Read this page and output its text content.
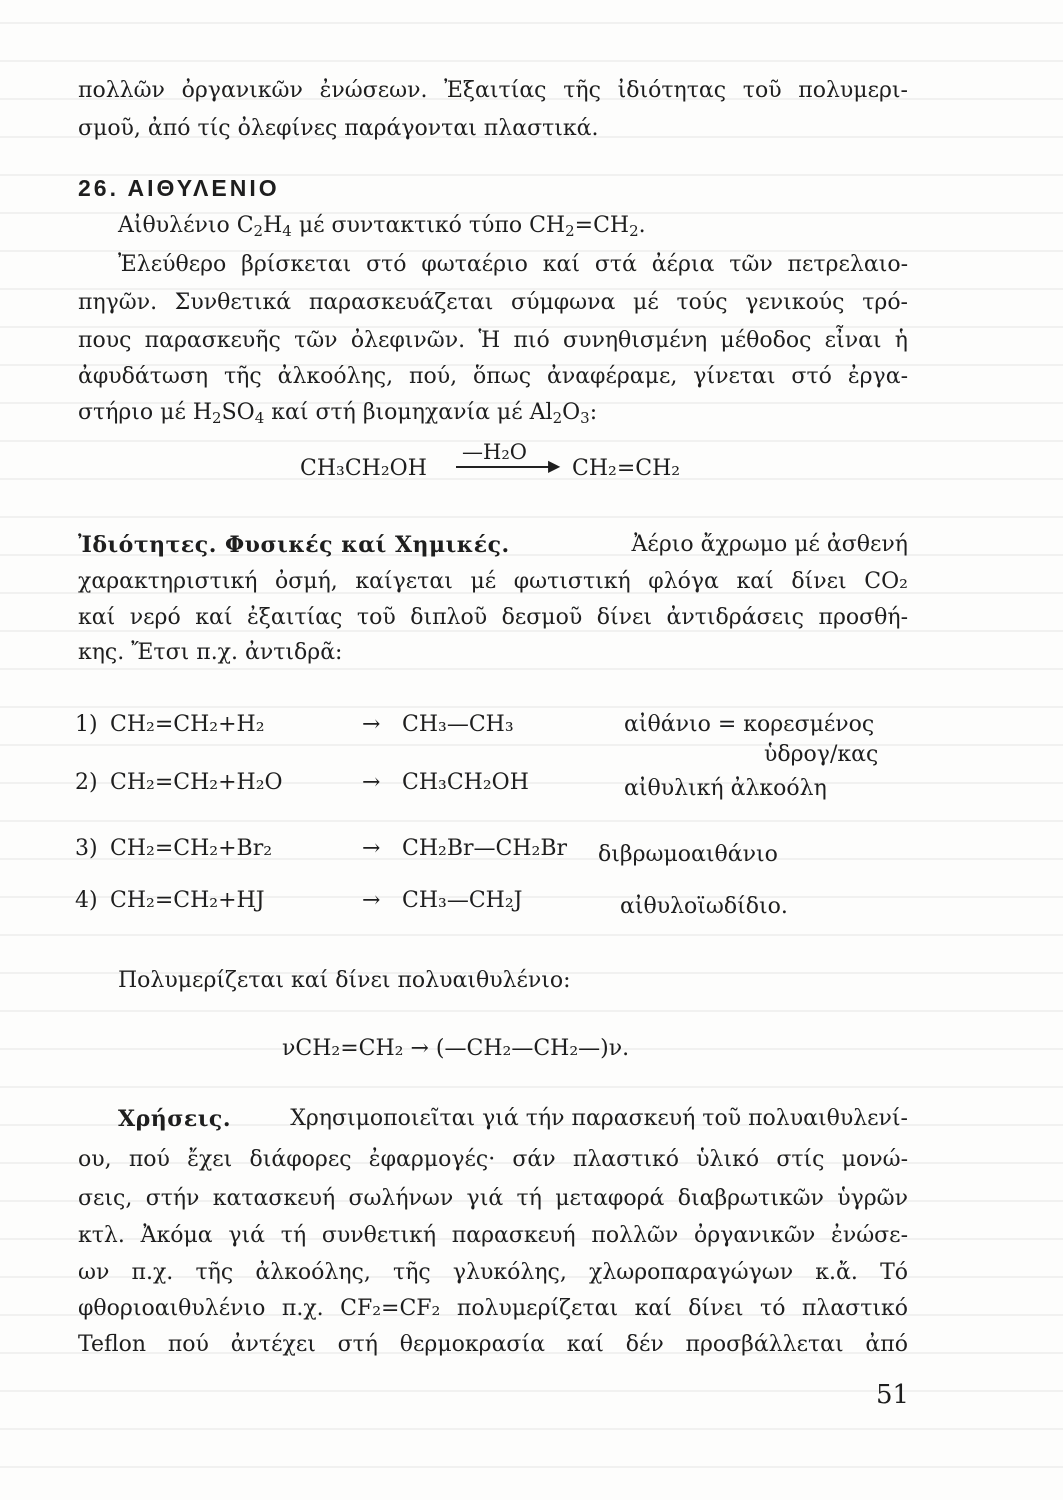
πολλῶν ὀργανικῶν ἐνώσεων. Ἐξαιτίας τῆς ἰδιότητας τοῦ πολυμερι-
σμοῦ, ἀπό τίς ὀλεφίνες παράγονται πλαστικά.
26. ΑΙΘΥΛΕΝΙΟ
Αἰθυλένιο $C_2H_4$ μέ συντακτικό τύπο $CH_2=CH_2$.
Ἐλεύθερο βρίσκεται στό φωταέριο καί στά ἀέρια τῶν πετρελαιο-
πηγῶν. Συνθετικά παρασκευάζεται σύμφωνα μέ τούς γενικούς τρό-
πους παρασκευῆς τῶν ὀλεφινῶν. Ἡ πιό συνηθισμένη μέθοδος εἶναι ἡ
ἀφυδάτωση τῆς ἀλκοόλης, πού, ὅπως ἀναφέραμε, γίνεται στό ἐργα-
στήριο μέ $H_2SO_4$ καί στή βιομηχανία μέ $Al_2O_3$:
CH₃CH₂OH
—H₂O
▶ CH₂=CH₂
Ἰδιότητες. Φυσικές καί Χημικές.	Ἀέριο ἄχρωμο μέ ἀσθενή
χαρακτηριστική ὀσμή, καίγεται μέ φωτιστική φλόγα καί δίνει CO₂
καί νερό καί ἐξαιτίας τοῦ διπλοῦ δεσμοῦ δίνει ἀντιδράσεις προσθή-
κης. Ἔτσι π.χ. ἀντιδρᾶ:
1) CH₂=CH₂+H₂	→ CH₃—CH₃	αἰθάνιο = κορεσμένος
ὑδρογ/κας
2) CH₂=CH₂+H₂O	→ CH₃CH₂OH	αἰθυλική ἀλκοόλη
3) CH₂=CH₂+Br₂	→ CH₂Br—CH₂Br διβρωμοαιθάνιο
4) CH₂=CH₂+HJ	→ CH₃—CH₂J	αἰθυλοϊωδίδιο.
Πολυμερίζεται καί δίνει πολυαιθυλένιο:
νCH₂=CH₂ → (—CH₂—CH₂—)ν.
Χρήσεις.	Χρησιμοποιεῖται γιά τήν παρασκευή τοῦ πολυαιθυλενί-
ου, πού ἔχει διάφορες ἐφαρμογές· σάν πλαστικό ὑλικό στίς μονώ-
σεις, στήν κατασκευή σωλήνων γιά τή μεταφορά διαβρωτικῶν ὑγρῶν
κτλ. Ἀκόμα γιά τή συνθετική παρασκευή πολλῶν ὀργανικῶν ἐνώσε-
ων π.χ. τῆς ἀλκοόλης, τῆς γλυκόλης, χλωροπαραγώγων κ.ἄ. Τό
φθοριοαιθυλένιο π.χ. CF₂=CF₂ πολυμερίζεται καί δίνει τό πλαστικό
Teflon πού ἀντέχει στή θερμοκρασία καί δέν προσβάλλεται ἀπό
51
